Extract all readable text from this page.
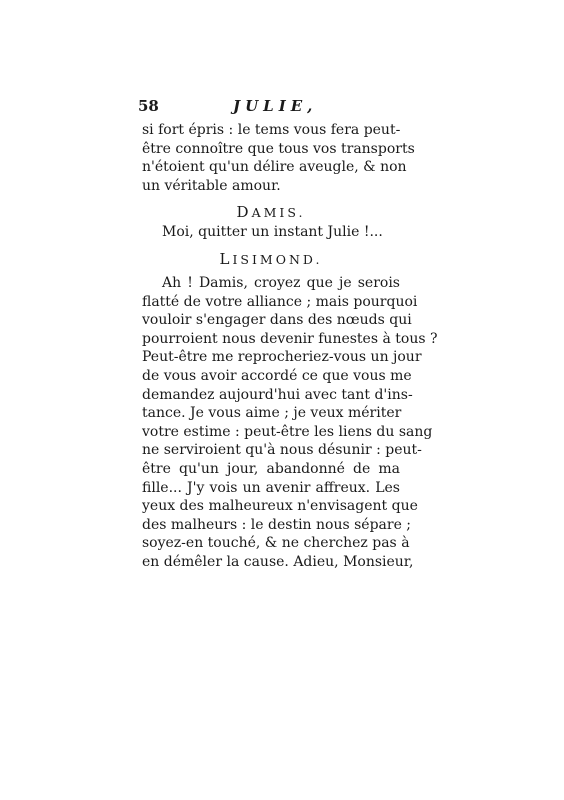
58	JULIE,
si fort épris : le tems vous fera peut-
être connoître que tous vos transports
n'étoient qu'un délire aveugle, & non
un véritable amour.
DAMIS.
Moi, quitter un instant Julie !...
LISIMOND.
Ah ! Damis, croyez que je serois
flatté de votre alliance ; mais pourquoi
vouloir s'engager dans des nœuds qui
pourroient nous devenir funestes à tous ?
Peut-être me reprocheriez-vous un jour
de vous avoir accordé ce que vous me
demandez aujourd'hui avec tant d'ins-
tance. Je vous aime ; je veux mériter
votre estime : peut-être les liens du sang
ne serviroient qu'à nous désunir : peut-
être qu'un jour, abandonné de ma
fille... J'y vois un avenir affreux. Les
yeux des malheureux n'envisagent que
des malheurs : le destin nous sépare ;
soyez-en touché, & ne cherchez pas à
en démêler la cause. Adieu, Monsieur,
